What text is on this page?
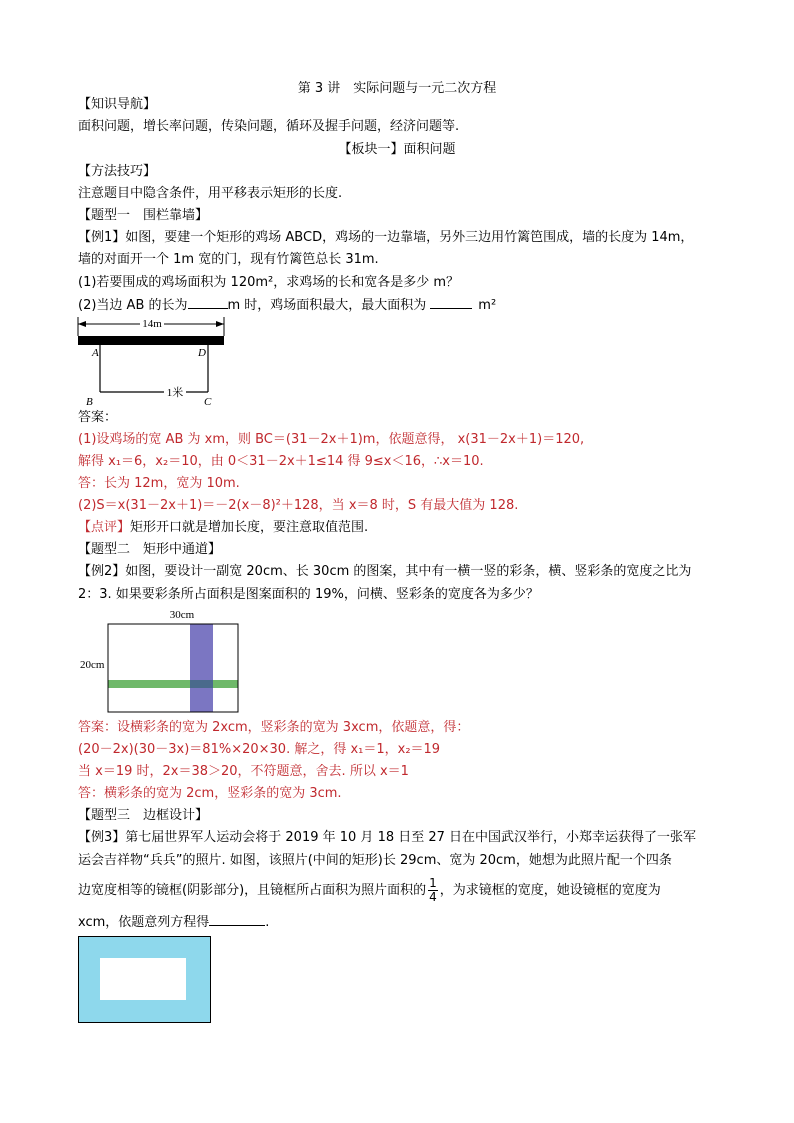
第 3 讲　实际问题与一元二次方程
【知识导航】
面积问题，增长率问题，传染问题，循环及握手问题，经济问题等.
【板块一】面积问题
【方法技巧】
注意题目中隐含条件，用平移表示矩形的长度.
【题型一　围栏靠墙】
【例1】如图，要建一个矩形的鸡场 ABCD，鸡场的一边靠墙，另外三边用竹篱笆围成，墙的长度为 14m，
墙的对面开一个 1m 宽的门，现有竹篱笆总长 31m.
(1)若要围成的鸡场面积为 120m²，求鸡场的长和宽各是多少 m？
(2)当边 AB 的长为	m 时，鸡场面积最大，最大面积为	m²
14m
1米
A	D
B	C
答案：
(1)设鸡场的宽 AB 为 xm，则 BC＝(31－2x＋1)m，依题意得， x(31－2x＋1)＝120,
解得 x₁＝6，x₂＝10，由 0＜31－2x＋1≤14 得 9≤x＜16，∴x＝10.
答：长为 12m，宽为 10m.
(2)S＝x(31－2x＋1)＝－2(x－8)²＋128，当 x＝8 时，S 有最大值为 128.
【点评】矩形开口就是增加长度，要注意取值范围.
【题型二　矩形中通道】
【例2】如图，要设计一副宽 20cm、长 30cm 的图案，其中有一横一竖的彩条，横、竖彩条的宽度之比为
2：3. 如果要彩条所占面积是图案面积的 19%，问横、竖彩条的宽度各为多少？
30cm
20cm
答案：设横彩条的宽为 2xcm，竖彩条的宽为 3xcm，依题意，得：
(20－2x)(30－3x)＝81%×20×30. 解之，得 x₁＝1，x₂＝19
当 x＝19 时，2x＝38＞20，不符题意，舍去. 所以 x＝1
答：横彩条的宽为 2cm，竖彩条的宽为 3cm.
【题型三　边框设计】
【例3】第七届世界军人运动会将于 2019 年 10 月 18 日至 27 日在中国武汉举行，小郑幸运获得了一张军
运会吉祥物“兵兵”的照片. 如图，该照片(中间的矩形)长 29cm、宽为 20cm，她想为此照片配一个四条
边宽度相等的镜框(阴影部分)，且镜框所占面积为照片面积的 $\frac{1}{4}$ ，为求镜框的宽度，她设镜框的宽度为
xcm，依题意列方程得	.
